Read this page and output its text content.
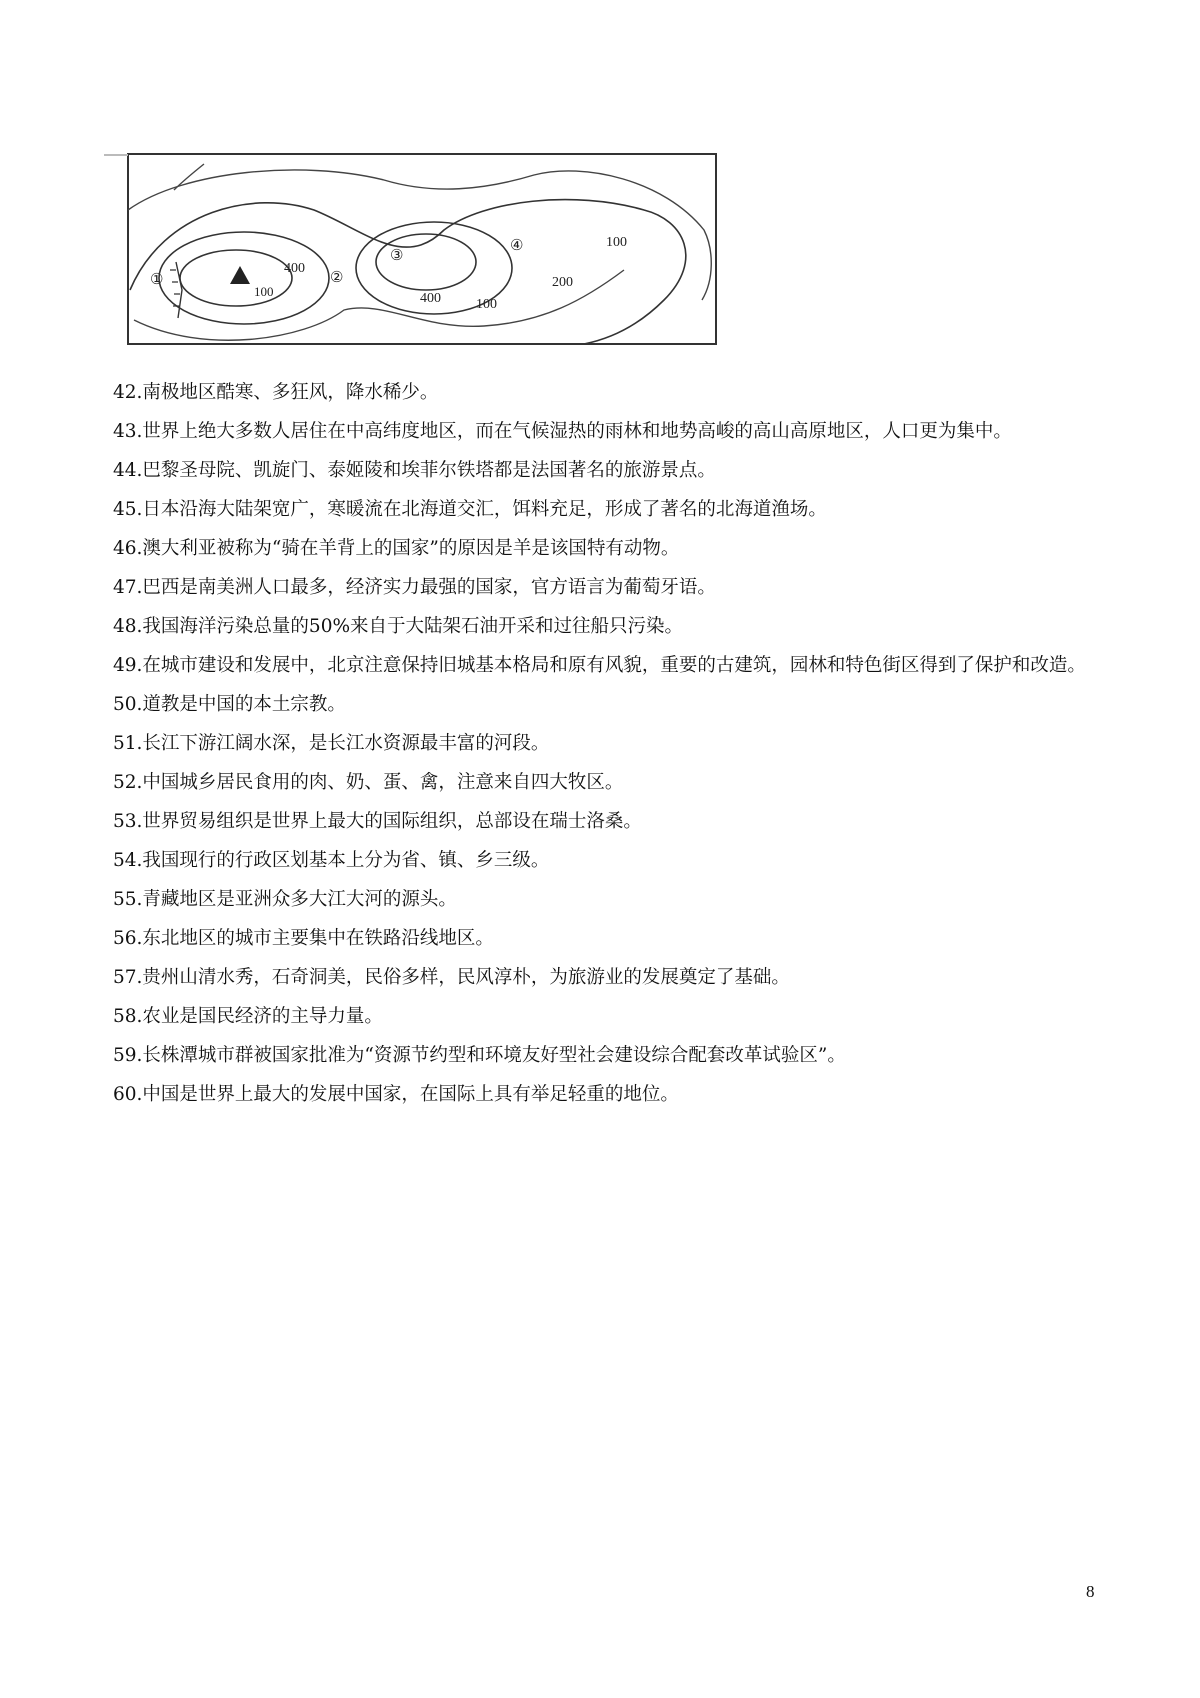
①	②
③
④
400
100	400	100
200
100
42.南极地区酷寒、多狂风，降水稀少。
43.世界上绝大多数人居住在中高纬度地区，而在气候湿热的雨林和地势高峻的高山高原地区，人口更为集中。
44.巴黎圣母院、凯旋门、泰姬陵和埃菲尔铁塔都是法国著名的旅游景点。
45.日本沿海大陆架宽广，寒暖流在北海道交汇，饵料充足，形成了著名的北海道渔场。
46.澳大利亚被称为“骑在羊背上的国家”的原因是羊是该国特有动物。
47.巴西是南美洲人口最多，经济实力最强的国家，官方语言为葡萄牙语。
48.我国海洋污染总量的50%来自于大陆架石油开采和过往船只污染。
49.在城市建设和发展中，北京注意保持旧城基本格局和原有风貌，重要的古建筑，园林和特色街区得到了保护和改造。
50.道教是中国的本土宗教。
51.长江下游江阔水深，是长江水资源最丰富的河段。
52.中国城乡居民食用的肉、奶、蛋、禽，注意来自四大牧区。
53.世界贸易组织是世界上最大的国际组织，总部设在瑞士洛桑。
54.我国现行的行政区划基本上分为省、镇、乡三级。
55.青藏地区是亚洲众多大江大河的源头。
56.东北地区的城市主要集中在铁路沿线地区。
57.贵州山清水秀，石奇洞美，民俗多样，民风淳朴，为旅游业的发展奠定了基础。
58.农业是国民经济的主导力量。
59.长株潭城市群被国家批准为“资源节约型和环境友好型社会建设综合配套改革试验区”。
60.中国是世界上最大的发展中国家，在国际上具有举足轻重的地位。
8
